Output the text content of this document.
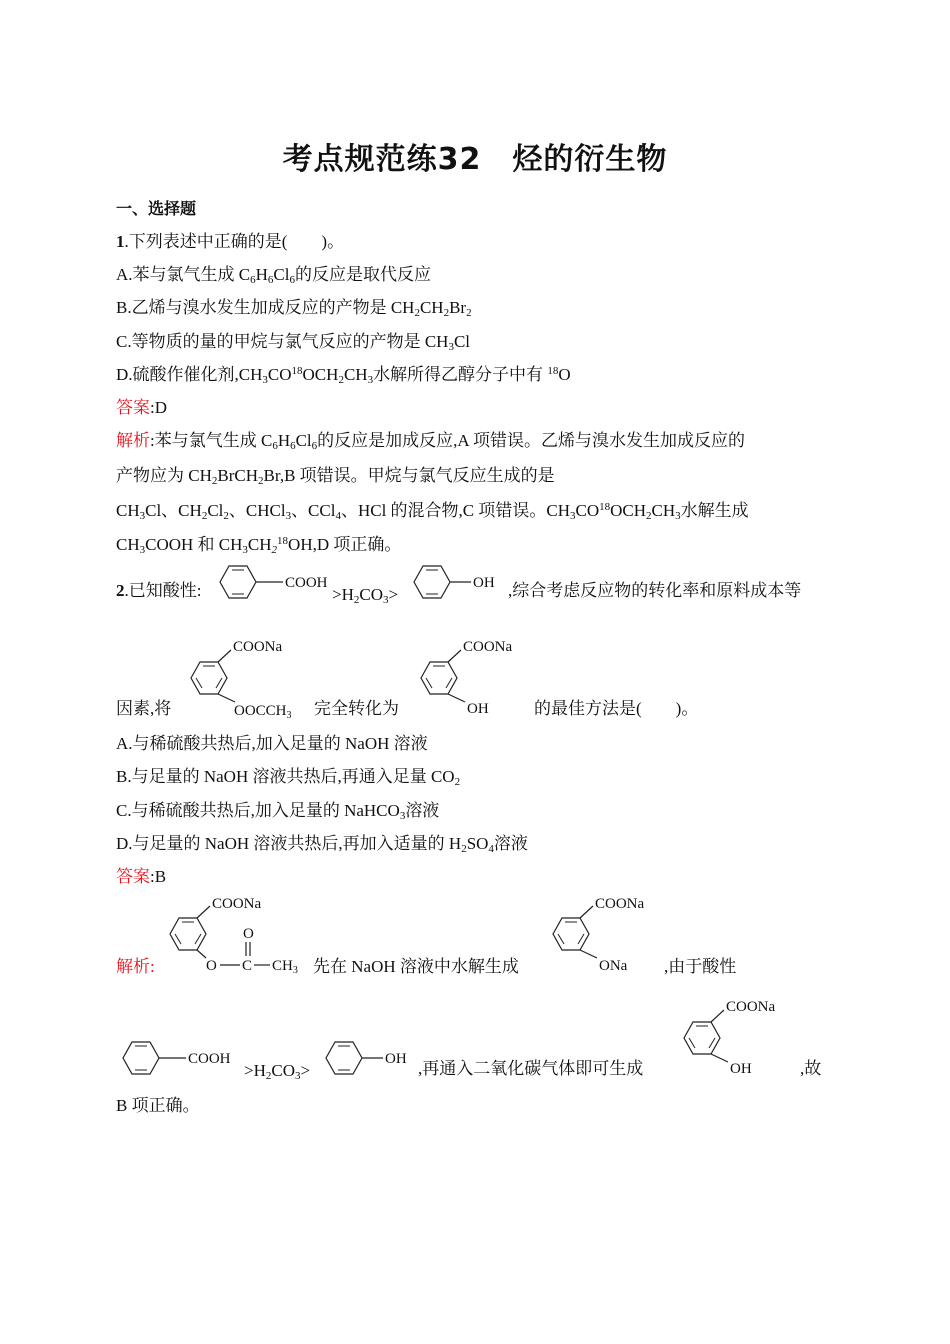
考点规范练32　烃的衍生物
一、选择题
1.下列表述中正确的是(　　)。
A.苯与氯气生成 $C_6H_6Cl_6$的反应是取代反应
B.乙烯与溴水发生加成反应的产物是 $CH_2CH_2Br_2$
C.等物质的量的甲烷与氯气反应的产物是 $CH_3Cl$
D.硫酸作催化剂$,CH_3CO^{18}OCH_2CH_3$水解所得乙醇分子中有 $^{18}$O
答案:D
解析:苯与氯气生成 $C_6H_6Cl_6$的反应是加成反应,A 项错误。乙烯与溴水发生加成反应的
产物应为 $CH_2BrCH_2Br,B$ 项错误。甲烷与氯气反应生成的是
$CH_3Cl$、$CH_2Cl_2$、CHCl$_3$、CCl$_4$、HCl 的混合物,C 项错误。$CH_3CO^{18}OCH_2CH_3$水解生成
$CH_3COOH$ 和 $CH_3CH_2^{18}OH,D$ 项正确。
2.已知酸性:	COOH
$>H_2CO_3>$
OH ,综合考虑反应物的转化率和原料成本等
因素,将
COONa
$OOCCH_3$ 完全转化为
COONa
OH	的最佳方法是(　　)。
A.与稀硫酸共热后,加入足量的 NaOH 溶液
B.与足量的 NaOH 溶液共热后,再通入足量 $CO_2$
C.与稀硫酸共热后,加入足量的 NaHCO$_3$溶液
D.与足量的 NaOH 溶液共热后,再加入适量的 $H_2SO_4$溶液
答案:B
解析:
COONa
O C
O
$CH_3$ 先在 NaOH 溶液中水解生成
COONa
ONa ,由于酸性
COOH
$>H_2CO_3>$
OH ,再通入二氧化碳气体即可生成
COONa
OH	,故
B 项正确。
